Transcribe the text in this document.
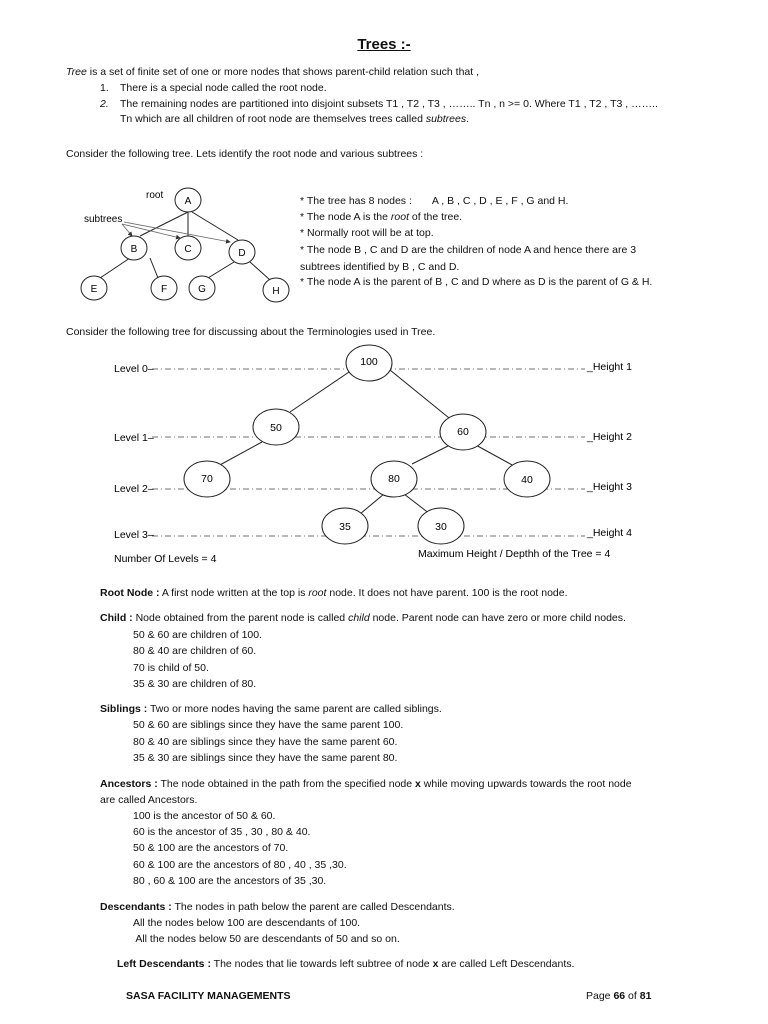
Trees :-
Tree is a set of finite set of one or more nodes that shows parent-child relation such that ,
1. There is a special node called the root node.
2. The remaining nodes are partitioned into disjoint subsets T1 , T2 , T3 , …….. Tn , n >= 0. Where T1 , T2 , T3 , ……..
Tn which are all children of root node are themselves trees called subtrees.
Consider the following tree. Lets identify the root node and various subtrees :
root
subtrees
A
B	C	D
E	F	G	H
* The tree has 8 nodes : A , B , C , D , E , F , G and H.
* The node A is the root of the tree.
* Normally root will be at top.
* The node B , C and D are the children of node A and hence there are 3
subtrees identified by B , C and D.
* The node A is the parent of B , C and D where as D is the parent of G & H.
Consider the following tree for discussing about the Terminologies used in Tree.
Level 0–
Level 1–
Level 2–
Level 3–
_Height 1
_Height 2
_Height 3
_Height 4
100
50	60
70	80	40
35	30
Number Of Levels = 4	Maximum Height / Depthh of the Tree = 4
Root Node : A first node written at the top is root node. It does not have parent. 100 is the root node.
Child : Node obtained from the parent node is called child node. Parent node can have zero or more child nodes.
50 & 60 are children of 100.
80 & 40 are children of 60.
70 is child of 50.
35 & 30 are children of 80.
Siblings : Two or more nodes having the same parent are called siblings.
50 & 60 are siblings since they have the same parent 100.
80 & 40 are siblings since they have the same parent 60.
35 & 30 are siblings since they have the same parent 80.
Ancestors : The node obtained in the path from the specified node x while moving upwards towards the root node
are called Ancestors.
100 is the ancestor of 50 & 60.
60 is the ancestor of 35 , 30 , 80 & 40.
50 & 100 are the ancestors of 70.
60 & 100 are the ancestors of 80 , 40 , 35 ,30.
80 , 60 & 100 are the ancestors of 35 ,30.
Descendants : The nodes in path below the parent are called Descendants.
All the nodes below 100 are descendants of 100.
All the nodes below 50 are descendants of 50 and so on.
Left Descendants : The nodes that lie towards left subtree of node x are called Left Descendants.
SASA FACILITY MANAGEMENTS	Page 66 of 81
